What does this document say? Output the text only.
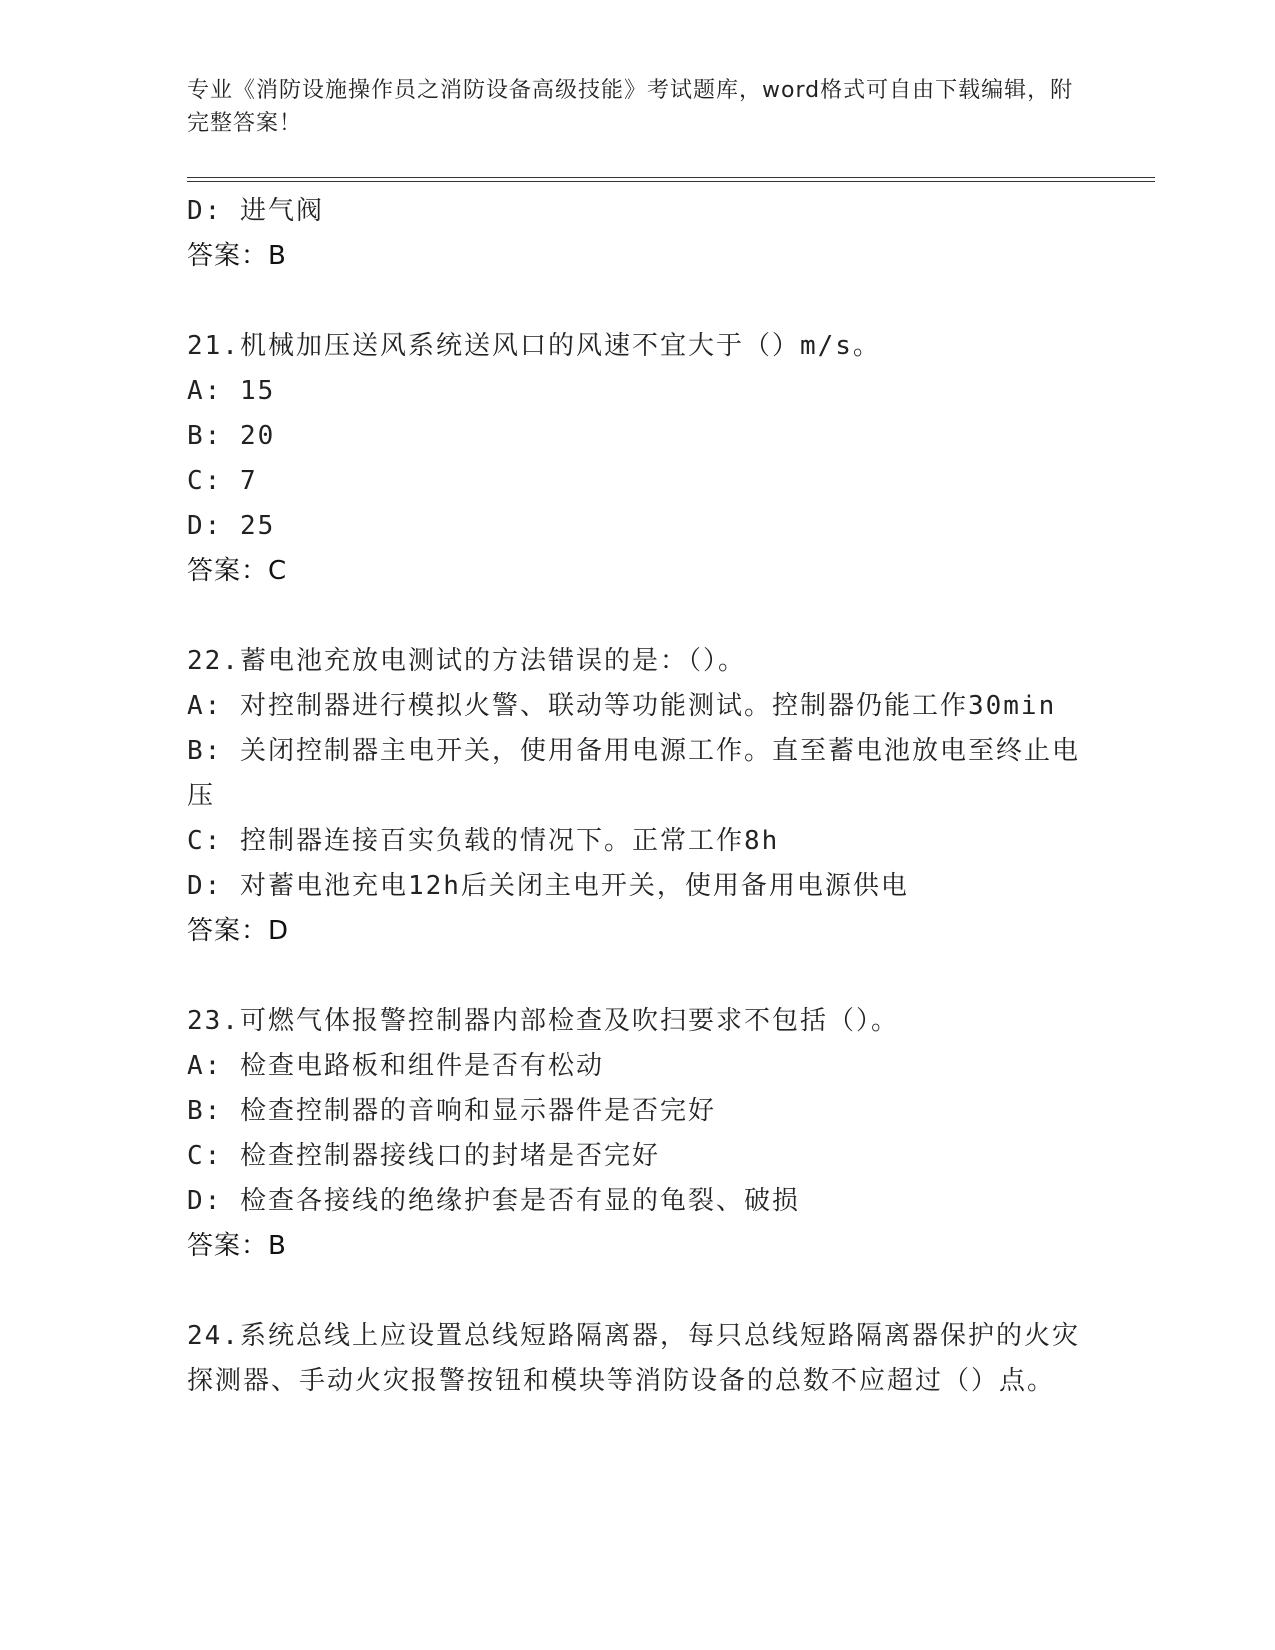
专业《消防设施操作员之消防设备高级技能》考试题库，word格式可自由下载编辑，附完整答案！
D: 进气阀
答案：B
21.机械加压送风系统送风口的风速不宜大于（）m/s。
A: 15
B: 20
C: 7
D: 25
答案：C
22.蓄电池充放电测试的方法错误的是：（）。
A: 对控制器进行模拟火警、联动等功能测试。控制器仍能工作30min
B: 关闭控制器主电开关，使用备用电源工作。直至蓄电池放电至终止电压
C: 控制器连接百实负载的情况下。正常工作8h
D: 对蓄电池充电12h后关闭主电开关，使用备用电源供电
答案：D
23.可燃气体报警控制器内部检查及吹扫要求不包括（）。
A: 检查电路板和组件是否有松动
B: 检查控制器的音响和显示器件是否完好
C: 检查控制器接线口的封堵是否完好
D: 检查各接线的绝缘护套是否有显的龟裂、破损
答案：B
24.系统总线上应设置总线短路隔离器，每只总线短路隔离器保护的火灾探测器、手动火灾报警按钮和模块等消防设备的总数不应超过（）点。
